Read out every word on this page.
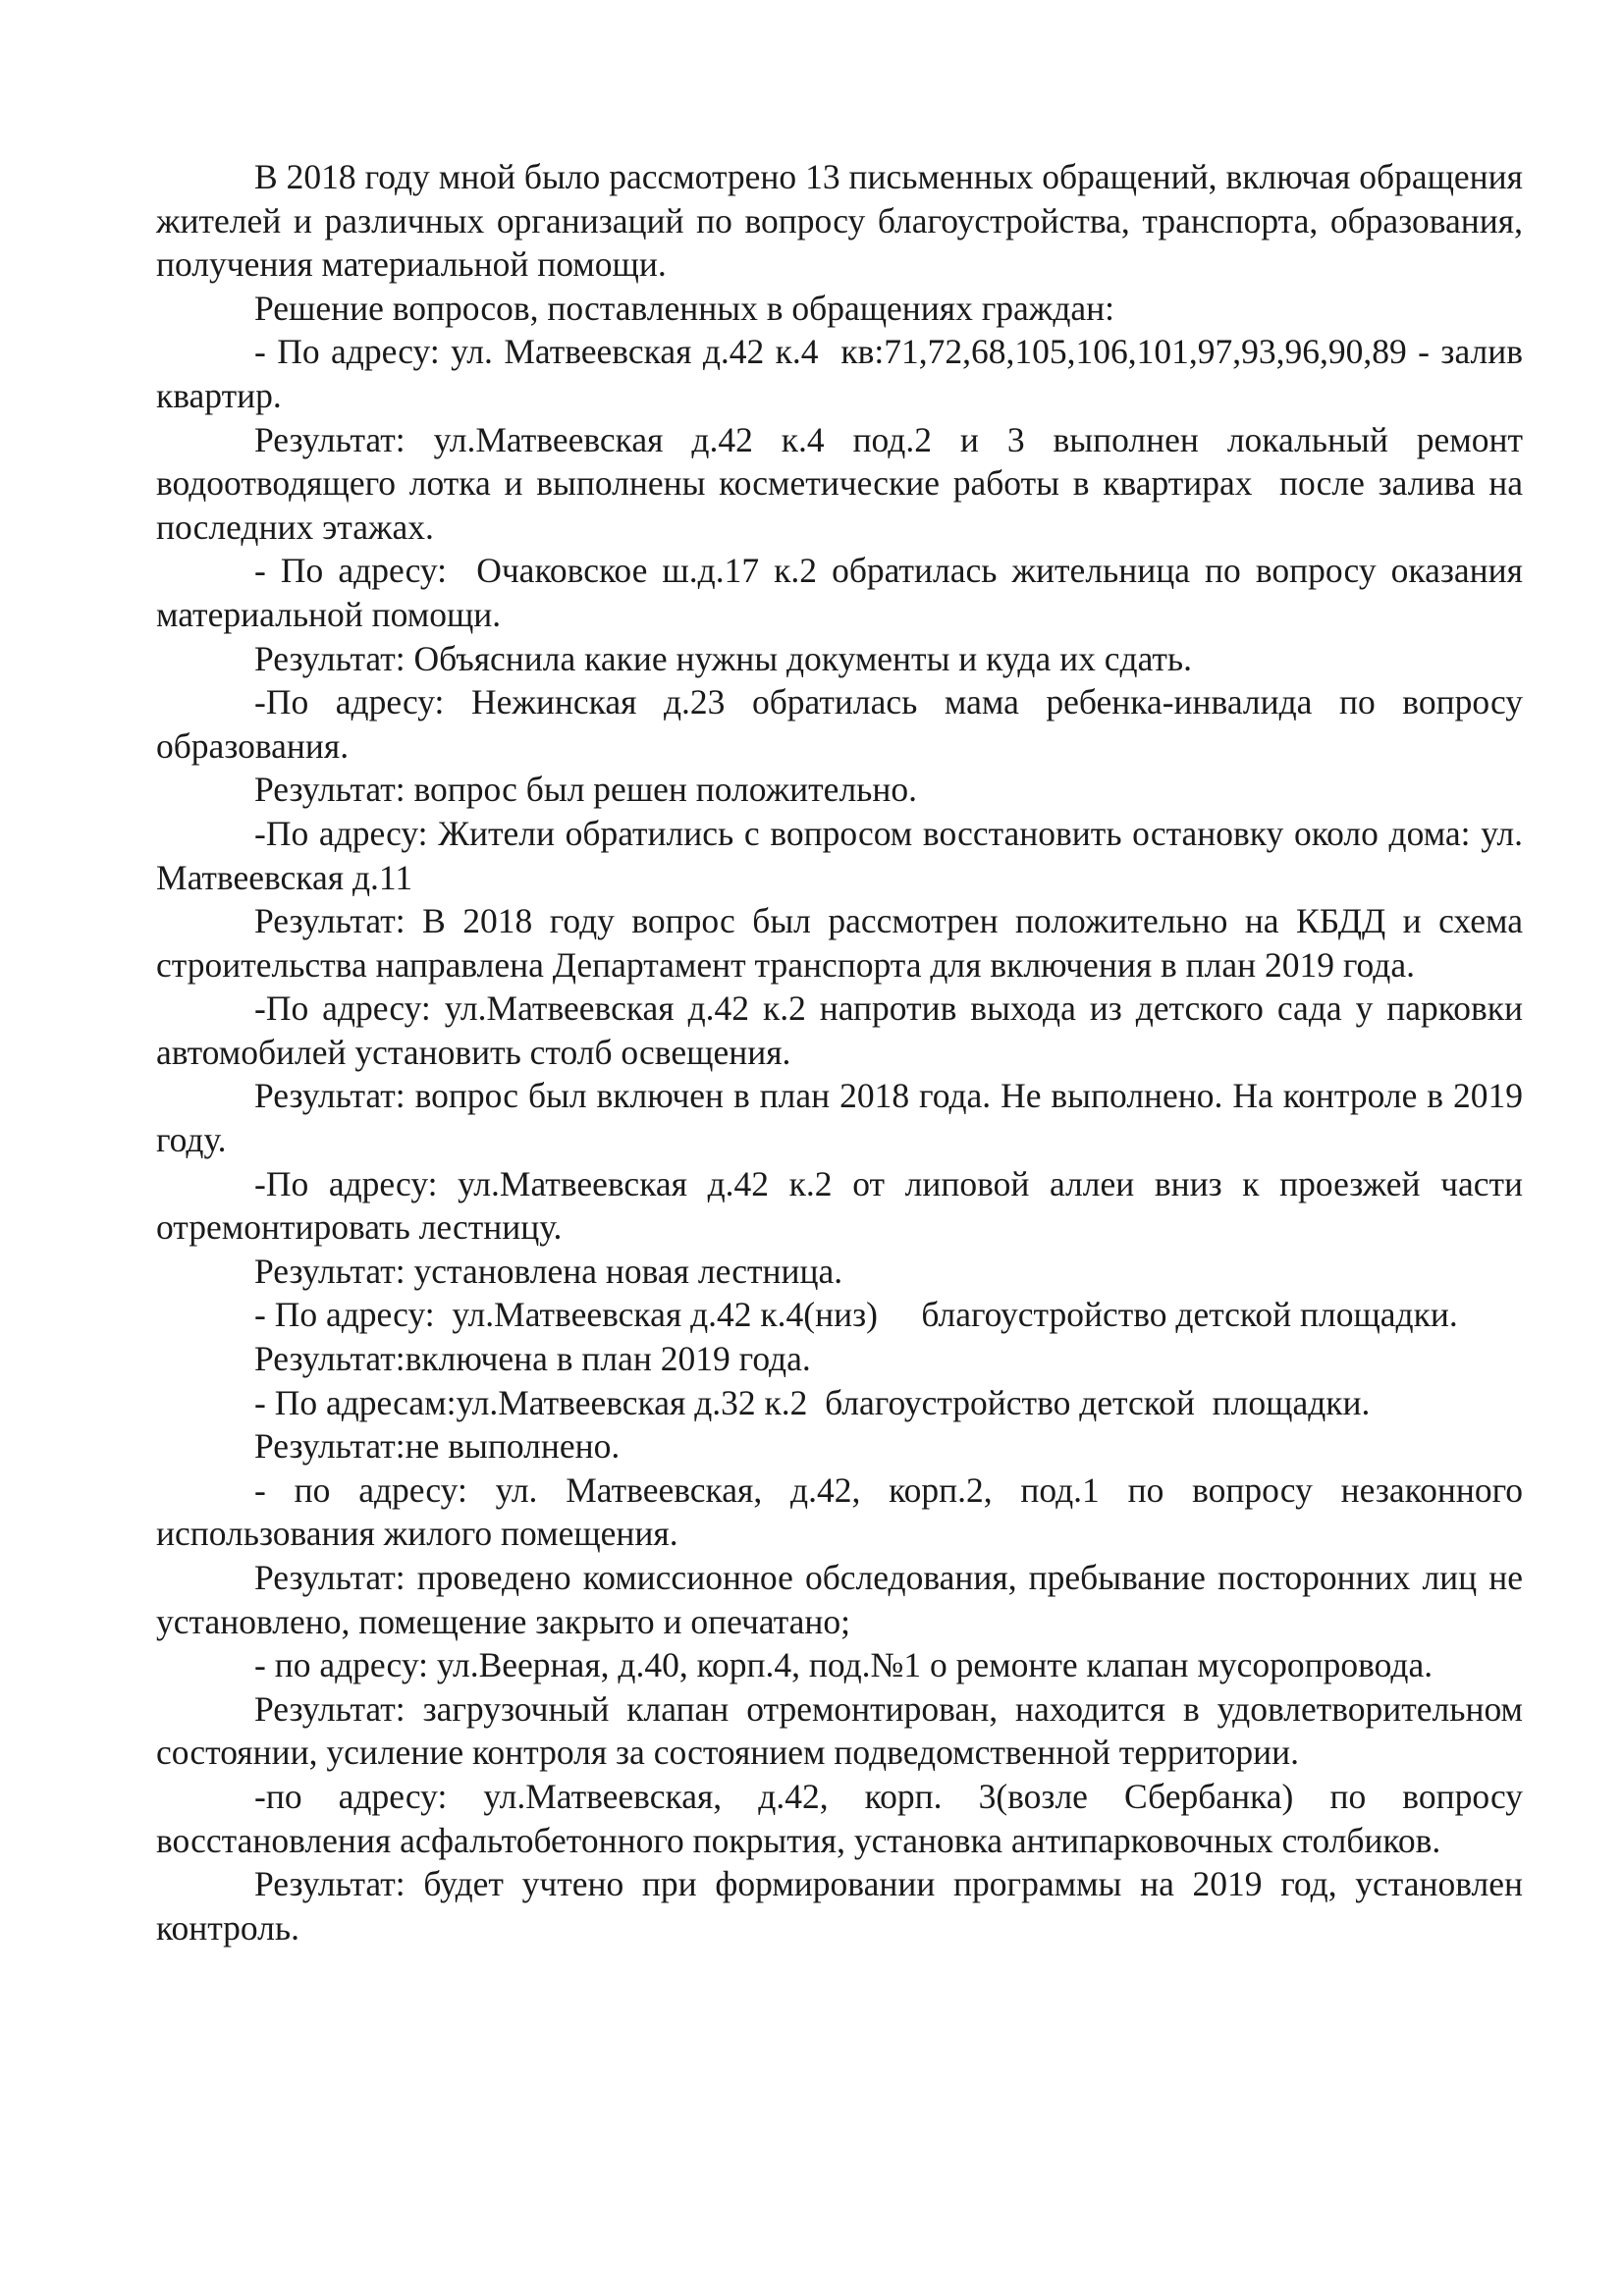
В 2018 году мной было рассмотрено 13 письменных обращений, включая обращения жителей и различных организаций по вопросу благоустройства, транспорта, образования, получения материальной помощи.

Решение вопросов, поставленных в обращениях граждан:

- По адресу: ул. Матвеевская д.42 к.4  кв:71,72,68,105,106,101,97,93,96,90,89 - залив квартир.

Результат: ул.Матвеевская д.42 к.4 под.2 и 3 выполнен локальный ремонт водоотводящего лотка и выполнены косметические работы в квартирах  после залива на последних этажах.

- По адресу:  Очаковское ш.д.17 к.2 обратилась жительница по вопросу оказания материальной помощи.

Результат: Объяснила какие нужны документы и куда их сдать.

-По адресу: Нежинская д.23 обратилась мама ребенка-инвалида по вопросу образования.

Результат: вопрос был решен положительно.

-По адресу: Жители обратились с вопросом восстановить остановку около дома: ул. Матвеевская д.11

Результат: В 2018 году вопрос был рассмотрен положительно на КБДД и схема строительства направлена Департамент транспорта для включения в план 2019 года.

-По адресу: ул.Матвеевская д.42 к.2 напротив выхода из детского сада у парковки автомобилей установить столб освещения.

Результат: вопрос был включен в план 2018 года. Не выполнено. На контроле в 2019 году.

-По адресу: ул.Матвеевская д.42 к.2 от липовой аллеи вниз к проезжей части отремонтировать лестницу.

Результат: установлена новая лестница.

- По адресу:  ул.Матвеевская д.42 к.4(низ)     благоустройство детской площадки.

Результат:включена в план 2019 года.

- По адресам:ул.Матвеевская д.32 к.2  благоустройство детской  площадки.

Результат:не выполнено.

- по адресу: ул. Матвеевская, д.42, корп.2, под.1 по вопросу незаконного использования жилого помещения.

Результат: проведено комиссионное обследования, пребывание посторонних лиц не установлено, помещение закрыто и опечатано;

- по адресу: ул.Веерная, д.40, корп.4, под.№1 о ремонте клапан мусоропровода.

Результат: загрузочный клапан отремонтирован, находится в удовлетворительном состоянии, усиление контроля за состоянием подведомственной территории.

-по адресу: ул.Матвеевская, д.42, корп. 3(возле Сбербанка) по вопросу восстановления асфальтобетонного покрытия, установка антипарковочных столбиков.

Результат: будет учтено при формировании программы на 2019 год, установлен контроль.
